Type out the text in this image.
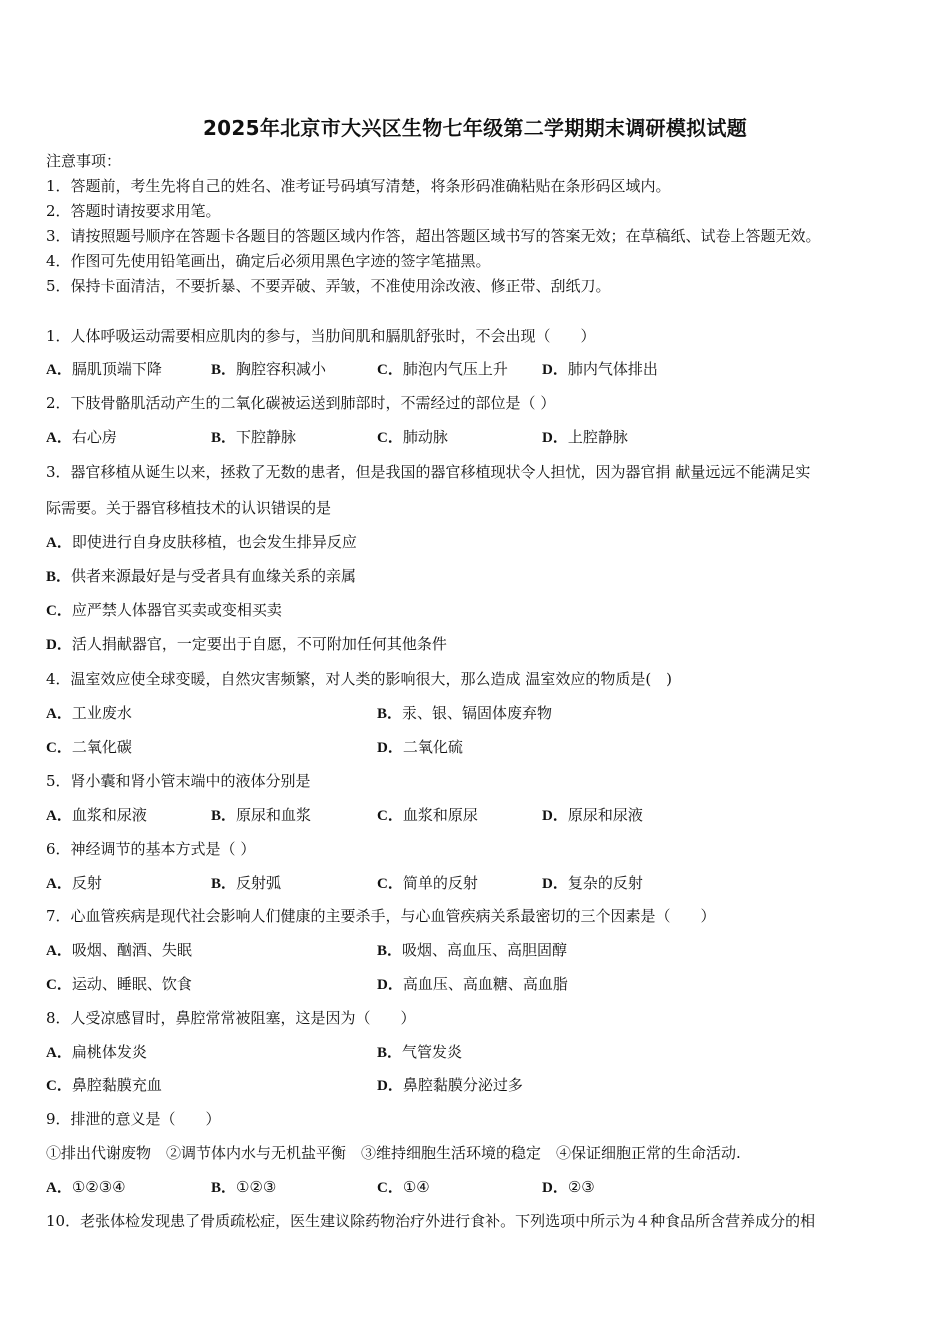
2025年北京市大兴区生物七年级第二学期期末调研模拟试题
注意事项：
1．答题前，考生先将自己的姓名、准考证号码填写清楚，将条形码准确粘贴在条形码区域内。
2．答题时请按要求用笔。
3．请按照题号顺序在答题卡各题目的答题区域内作答，超出答题区域书写的答案无效；在草稿纸、试卷上答题无效。
4．作图可先使用铅笔画出，确定后必须用黑色字迹的签字笔描黑。
5．保持卡面清洁，不要折暴、不要弄破、弄皱，不准使用涂改液、修正带、刮纸刀。
1．人体呼吸运动需要相应肌肉的参与，当肋间肌和膈肌舒张时，不会出现（　　）
A．膈肌顶端下降	B．胸腔容积减小	C．肺泡内气压上升 D．肺内气体排出
2．下肢骨骼肌活动产生的二氧化碳被运送到肺部时，不需经过的部位是（ ）
A．右心房	B．下腔静脉	C．肺动脉	D．上腔静脉
3．器官移植从诞生以来，拯救了无数的患者，但是我国的器官移植现状令人担忧，因为器官捐 献量远远不能满足实
际需要。关于器官移植技术的认识错误的是
A．即使进行自身皮肤移植，也会发生排异反应
B．供者来源最好是与受者具有血缘关系的亲属
C．应严禁人体器官买卖或变相买卖
D．活人捐献器官，一定要出于自愿，不可附加任何其他条件
4．温室效应使全球变暖，自然灾害频繁，对人类的影响很大，那么造成 温室效应的物质是(　)
A．工业废水	B．汞、银、镉固体废弃物
C．二氧化碳	D．二氧化硫
5．肾小囊和肾小管末端中的液体分别是
A．血浆和尿液	B．原尿和血浆	C．血浆和原尿	D．原尿和尿液
6．神经调节的基本方式是（ ）
A．反射	B．反射弧	C．简单的反射	D．复杂的反射
7．心血管疾病是现代社会影响人们健康的主要杀手，与心血管疾病关系最密切的三个因素是（　　）
A．吸烟、酗酒、失眠	B．吸烟、高血压、高胆固醇
C．运动、睡眠、饮食	D．高血压、高血糖、高血脂
8．人受凉感冒时，鼻腔常常被阻塞，这是因为（　　）
A．扁桃体发炎	B．气管发炎
C．鼻腔黏膜充血	D．鼻腔黏膜分泌过多
9．排泄的意义是（　　）
①排出代谢废物　②调节体内水与无机盐平衡　③维持细胞生活环境的稳定　④保证细胞正常的生命活动.
A．①②③④	B．①②③	C．①④	D．②③
10．老张体检发现患了骨质疏松症，医生建议除药物治疗外进行食补。下列选项中所示为４种食品所含营养成分的相
